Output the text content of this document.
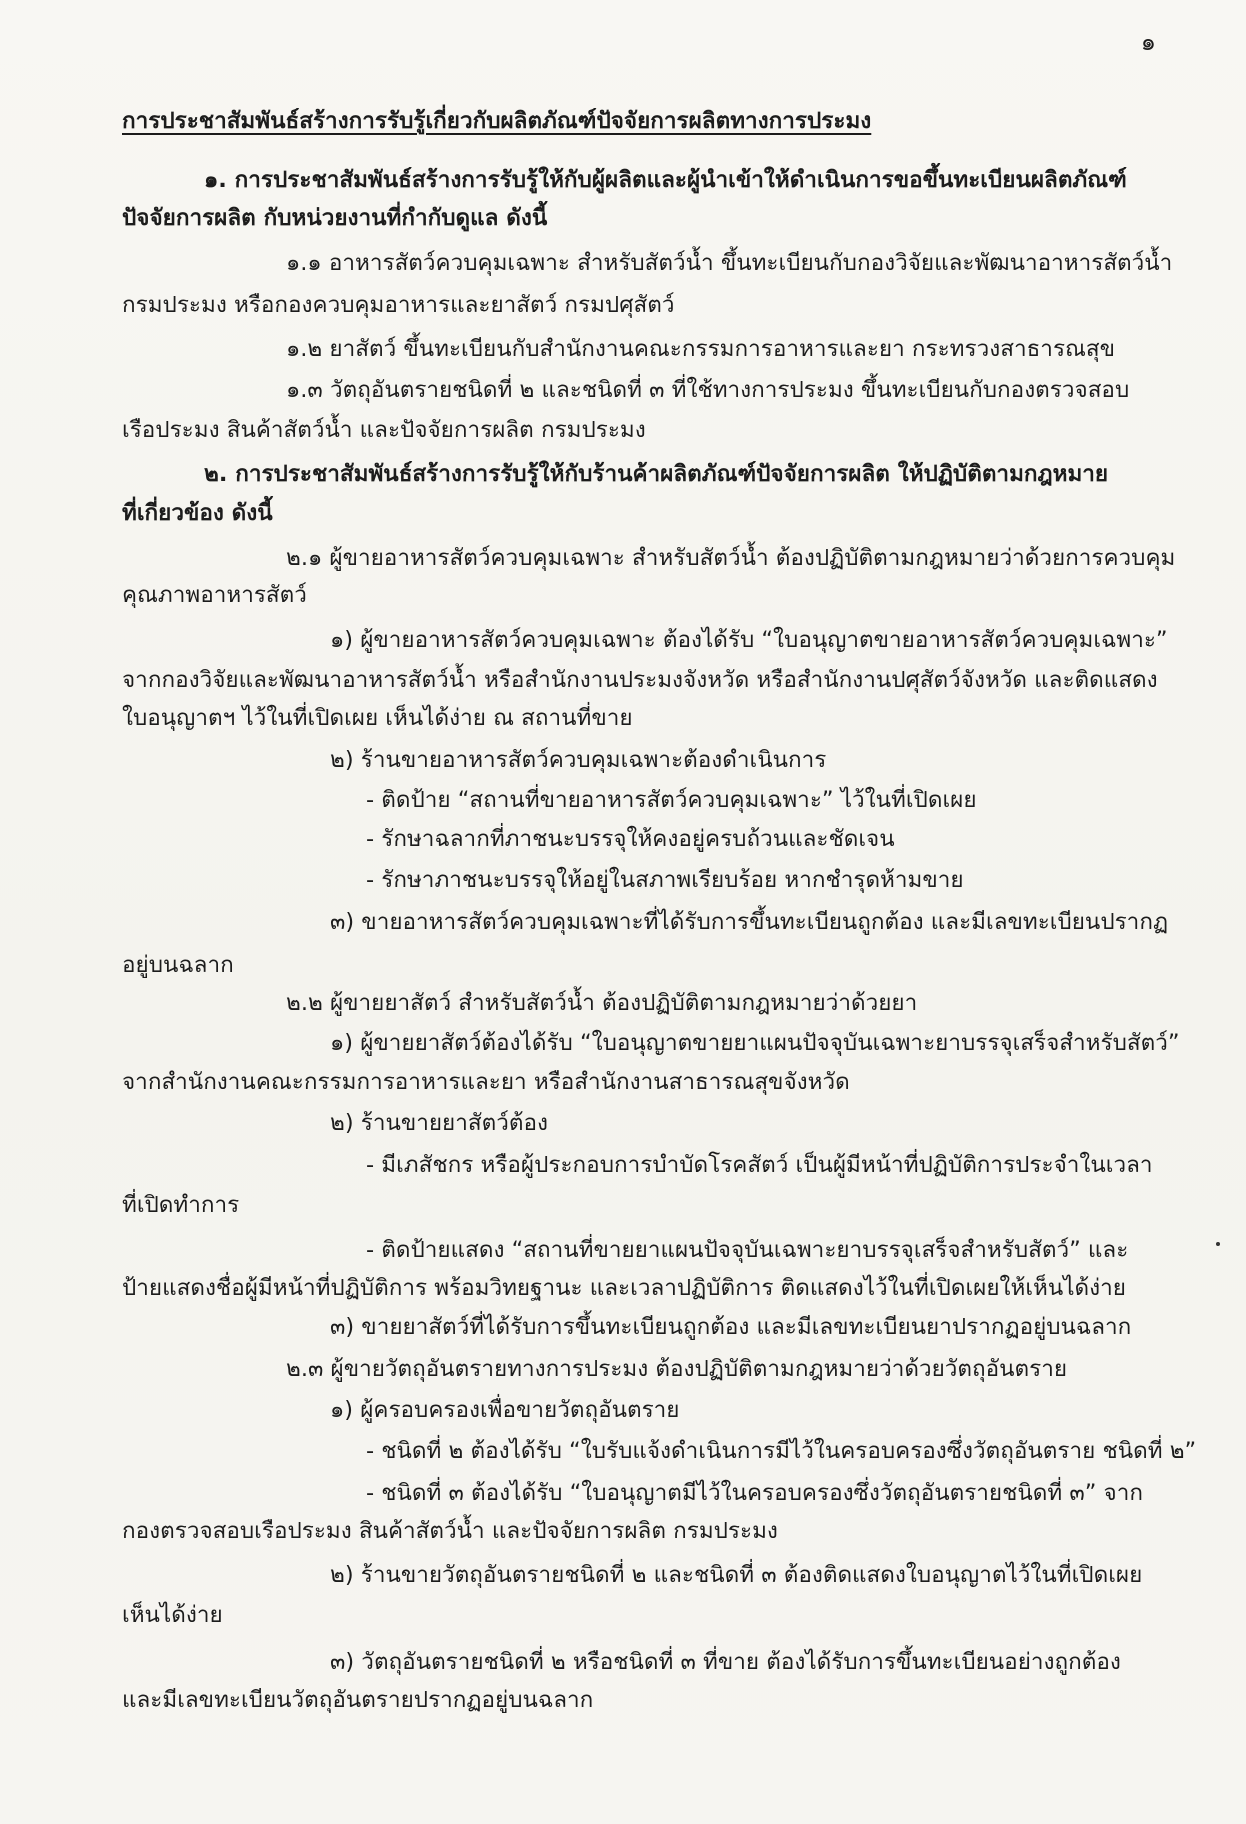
๑
การประชาสัมพันธ์สร้างการรับรู้เกี่ยวกับผลิตภัณฑ์ปัจจัยการผลิตทางการประมง
๑. การประชาสัมพันธ์สร้างการรับรู้ให้กับผู้ผลิตและผู้นำเข้าให้ดำเนินการขอขึ้นทะเบียนผลิตภัณฑ์
ปัจจัยการผลิต กับหน่วยงานที่กำกับดูแล ดังนี้
๑.๑ อาหารสัตว์ควบคุมเฉพาะ สำหรับสัตว์น้ำ ขึ้นทะเบียนกับกองวิจัยและพัฒนาอาหารสัตว์น้ำ
กรมประมง หรือกองควบคุมอาหารและยาสัตว์ กรมปศุสัตว์
๑.๒ ยาสัตว์ ขึ้นทะเบียนกับสำนักงานคณะกรรมการอาหารและยา กระทรวงสาธารณสุข
๑.๓ วัตถุอันตรายชนิดที่ ๒ และชนิดที่ ๓ ที่ใช้ทางการประมง ขึ้นทะเบียนกับกองตรวจสอบ
เรือประมง สินค้าสัตว์น้ำ และปัจจัยการผลิต กรมประมง
๒. การประชาสัมพันธ์สร้างการรับรู้ให้กับร้านค้าผลิตภัณฑ์ปัจจัยการผลิต ให้ปฏิบัติตามกฎหมาย
ที่เกี่ยวข้อง ดังนี้
๒.๑ ผู้ขายอาหารสัตว์ควบคุมเฉพาะ สำหรับสัตว์น้ำ ต้องปฏิบัติตามกฎหมายว่าด้วยการควบคุม
คุณภาพอาหารสัตว์
๑) ผู้ขายอาหารสัตว์ควบคุมเฉพาะ ต้องได้รับ “ใบอนุญาตขายอาหารสัตว์ควบคุมเฉพาะ”
จากกองวิจัยและพัฒนาอาหารสัตว์น้ำ หรือสำนักงานประมงจังหวัด หรือสำนักงานปศุสัตว์จังหวัด และติดแสดง
ใบอนุญาตฯ ไว้ในที่เปิดเผย เห็นได้ง่าย ณ สถานที่ขาย
๒) ร้านขายอาหารสัตว์ควบคุมเฉพาะต้องดำเนินการ
- ติดป้าย “สถานที่ขายอาหารสัตว์ควบคุมเฉพาะ” ไว้ในที่เปิดเผย
- รักษาฉลากที่ภาชนะบรรจุให้คงอยู่ครบถ้วนและชัดเจน
- รักษาภาชนะบรรจุให้อยู่ในสภาพเรียบร้อย หากชำรุดห้ามขาย
๓) ขายอาหารสัตว์ควบคุมเฉพาะที่ได้รับการขึ้นทะเบียนถูกต้อง และมีเลขทะเบียนปรากฏ
อยู่บนฉลาก
๒.๒ ผู้ขายยาสัตว์ สำหรับสัตว์น้ำ ต้องปฏิบัติตามกฎหมายว่าด้วยยา
๑) ผู้ขายยาสัตว์ต้องได้รับ “ใบอนุญาตขายยาแผนปัจจุบันเฉพาะยาบรรจุเสร็จสำหรับสัตว์”
จากสำนักงานคณะกรรมการอาหารและยา หรือสำนักงานสาธารณสุขจังหวัด
๒) ร้านขายยาสัตว์ต้อง
- มีเภสัชกร หรือผู้ประกอบการบำบัดโรคสัตว์ เป็นผู้มีหน้าที่ปฏิบัติการประจำในเวลา
ที่เปิดทำการ
- ติดป้ายแสดง “สถานที่ขายยาแผนปัจจุบันเฉพาะยาบรรจุเสร็จสำหรับสัตว์” และ
ป้ายแสดงชื่อผู้มีหน้าที่ปฏิบัติการ พร้อมวิทยฐานะ และเวลาปฏิบัติการ ติดแสดงไว้ในที่เปิดเผยให้เห็นได้ง่าย
๓) ขายยาสัตว์ที่ได้รับการขึ้นทะเบียนถูกต้อง และมีเลขทะเบียนยาปรากฏอยู่บนฉลาก
๒.๓ ผู้ขายวัตถุอันตรายทางการประมง ต้องปฏิบัติตามกฎหมายว่าด้วยวัตถุอันตราย
๑) ผู้ครอบครองเพื่อขายวัตถุอันตราย
- ชนิดที่ ๒ ต้องได้รับ “ใบรับแจ้งดำเนินการมีไว้ในครอบครองซึ่งวัตถุอันตราย ชนิดที่ ๒”
- ชนิดที่ ๓ ต้องได้รับ “ใบอนุญาตมีไว้ในครอบครองซึ่งวัตถุอันตรายชนิดที่ ๓” จาก
กองตรวจสอบเรือประมง สินค้าสัตว์น้ำ และปัจจัยการผลิต กรมประมง
๒) ร้านขายวัตถุอันตรายชนิดที่ ๒ และชนิดที่ ๓ ต้องติดแสดงใบอนุญาตไว้ในที่เปิดเผย
เห็นได้ง่าย
๓) วัตถุอันตรายชนิดที่ ๒ หรือชนิดที่ ๓ ที่ขาย ต้องได้รับการขึ้นทะเบียนอย่างถูกต้อง
และมีเลขทะเบียนวัตถุอันตรายปรากฏอยู่บนฉลาก
